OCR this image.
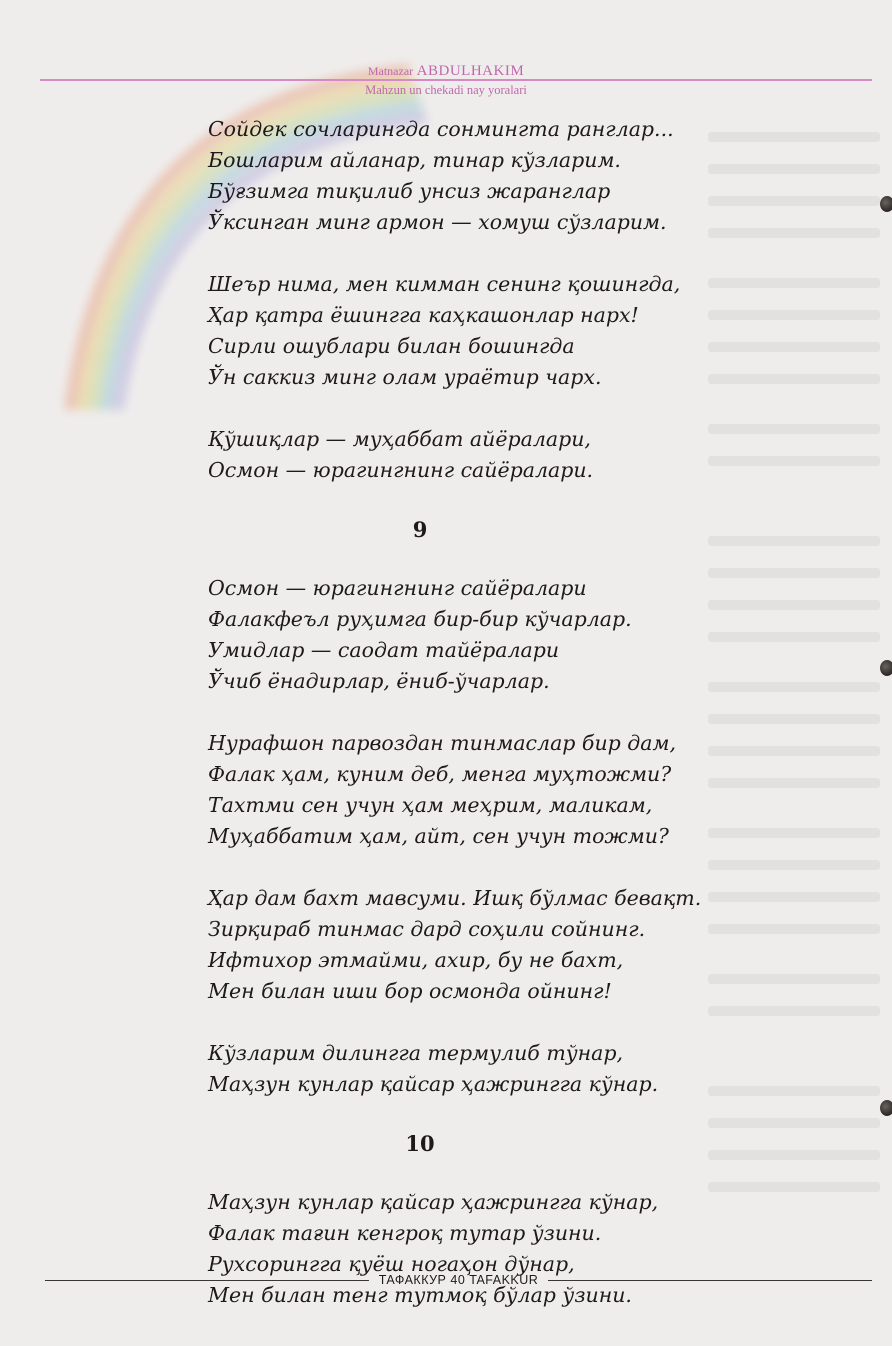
Matnazar ABDULHAKIM
Mahzun un chekadi nay yoralari
Сойдек сочларингда сонмингта ранглар...
Бошларим айланар, тинар кўзларим.
Бўғзимга тиқилиб унсиз жаранглар
Ўксинган минг армон — хомуш сўзларим.
Шеър нима, мен кимман сенинг қошингда,
Ҳар қатра ёшингга каҳкашонлар нарх!
Сирли ошублари билан бошингда
Ўн саккиз минг олам ураётир чарх.
Қўшиқлар — муҳаббат айёралари,
Осмон — юрагингнинг сайёралари.
9
Осмон — юрагингнинг сайёралари
Фалакфеъл руҳимга бир-бир кўчарлар.
Умидлар — саодат тайёралари
Ўчиб ёнадирлар, ёниб-ўчарлар.
Нурафшон парвоздан тинмаслар бир дам,
Фалак ҳам, куним деб, менга муҳтожми?
Тахтми сен учун ҳам меҳрим, маликам,
Муҳаббатим ҳам, айт, сен учун тожми?
Ҳар дам бахт мавсуми. Ишқ бўлмас бевақт.
Зирқираб тинмас дард соҳили сойнинг.
Ифтихор этмайми, ахир, бу не бахт,
Мен билан иши бор осмонда ойнинг!
Кўзларим дилингга термулиб тўнар,
Маҳзун кунлар қайсар ҳажрингга кўнар.
10
Маҳзун кунлар қайсар ҳажрингга кўнар,
Фалак тағин кенгроқ тутар ўзини.
Рухсорингга қуёш ногаҳон дўнар,
Мен билан тенг тутмоқ бўлар ўзини.
ТАФАККУР 40 TAFAKKUR
